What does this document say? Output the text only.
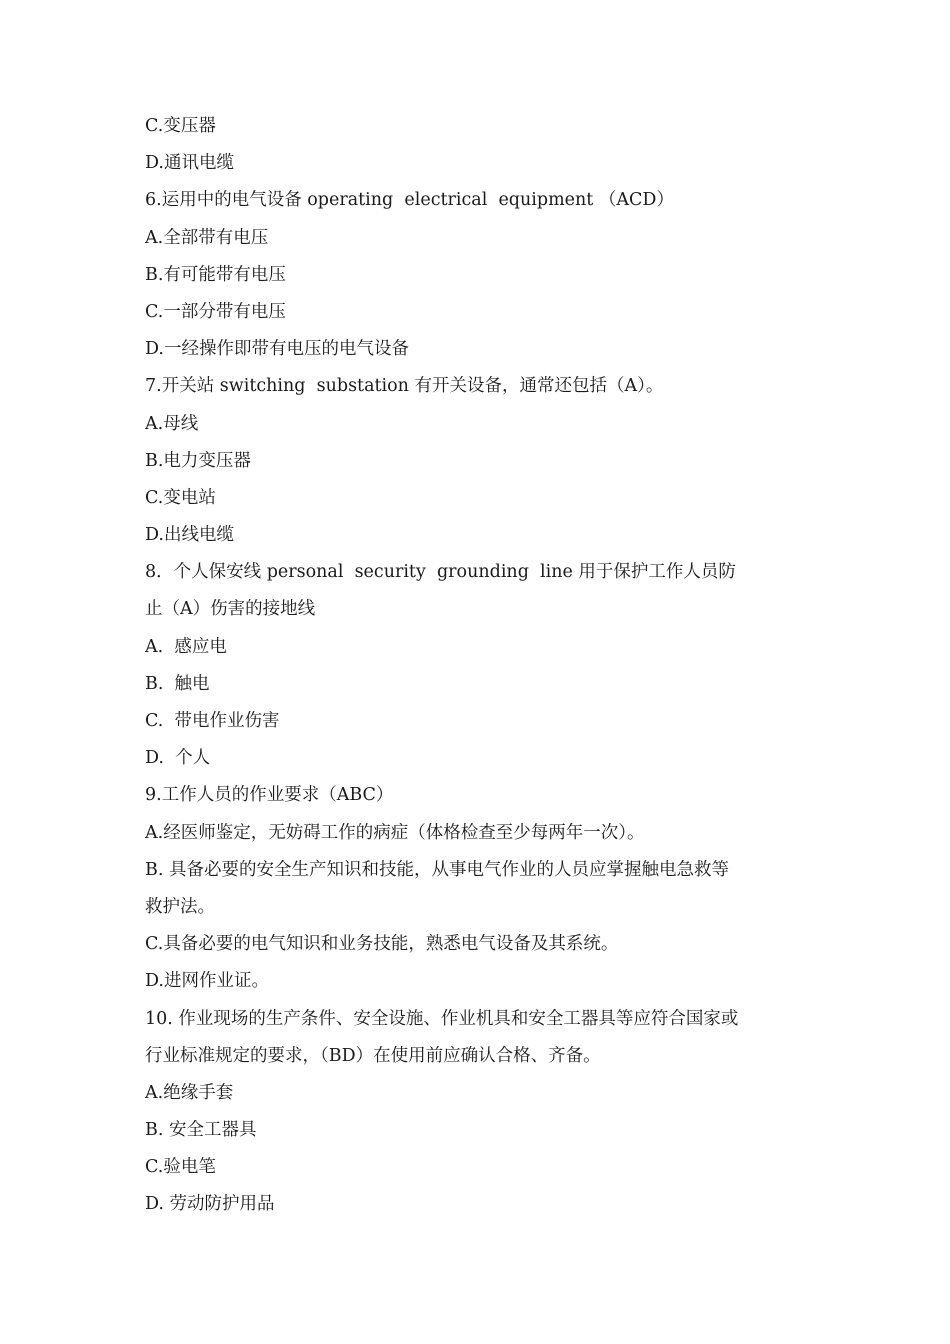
C.变压器
D.通讯电缆
6.运用中的电气设备 operating  electrical  equipment （ACD）
A.全部带有电压
B.有可能带有电压
C.一部分带有电压
D.一经操作即带有电压的电气设备
7.开关站 switching  substation 有开关设备，通常还包括（A）。
A.母线
B.电力变压器
C.变电站
D.出线电缆
8．个人保安线 personal  security  grounding  line 用于保护工作人员防
止（A）伤害的接地线
A.  感应电
B.  触电
C.  带电作业伤害
D.  个人
9.工作人员的作业要求（ABC）
A.经医师鉴定，无妨碍工作的病症（体格检查至少每两年一次）。
B. 具备必要的安全生产知识和技能，从事电气作业的人员应掌握触电急救等
救护法。
C.具备必要的电气知识和业务技能，熟悉电气设备及其系统。
D.进网作业证。
10. 作业现场的生产条件、安全设施、作业机具和安全工器具等应符合国家或
行业标准规定的要求，（BD）在使用前应确认合格、齐备。
A.绝缘手套
B. 安全工器具
C.验电笔
D. 劳动防护用品
